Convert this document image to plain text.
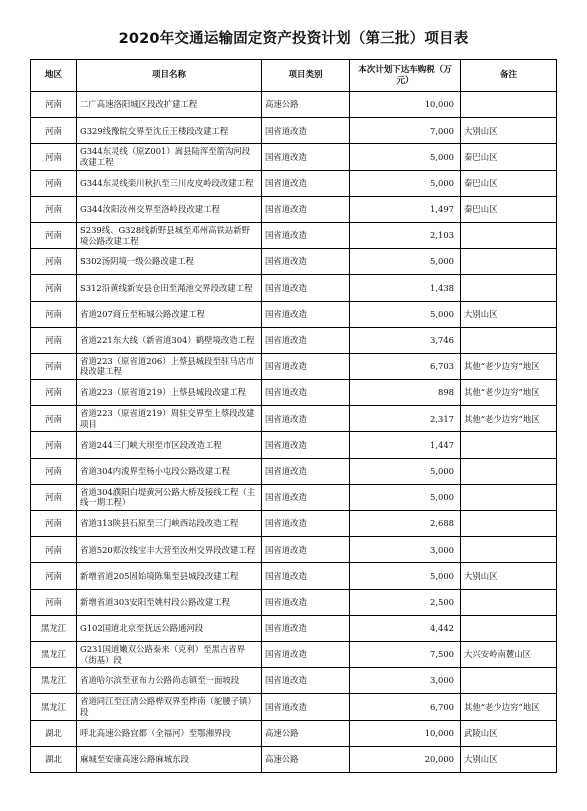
2020年交通运输固定资产投资计划（第三批）项目表
地区	项目名称	项目类别	本次计划下达车购税（万元）	备注
河南	二广高速洛阳城区段改扩建工程	高速公路	10,000	
河南	G329线豫皖交界至沈丘王楼段改建工程	国省道改造	7,000	大别山区
河南	G344东灵线（原Z001）嵩县陆浑至箭沟河段改建工程	国省道改造	5,000	秦巴山区
河南	G344东灵线栾川秋扒至三川皮皮岭段改建工程	国省道改造	5,000	秦巴山区
河南	G344汝阳汝州交界至洛岭段改建工程	国省道改造	1,497	秦巴山区
河南	S239线、G328线新野县城至邓州高铁站新野境公路改建工程	国省道改造	2,103	
河南	S302汤阴境一级公路改建工程	国省道改造	5,000	
河南	S312沿黄线新安县仓田至渑池交界段改建工程	国省道改造	1,438	
河南	省道207商丘至柘城公路改建工程	国省道改造	5,000	大别山区
河南	省道221东大线（新省道304）鹤壁境改造工程	国省道改造	3,746	
河南	省道223（原省道206）上蔡县城段至驻马店市段改建工程	国省道改造	6,703	其他“老少边穷”地区
河南	省道223（原省道219）上蔡县城段改建工程	国省道改造	898	其他“老少边穷”地区
河南	省道223（原省道219）周驻交界至上蔡段改建项目	国省道改造	2,317	其他“老少边穷”地区
河南	省道244三门峡大坝至市区段改造工程	国省道改造	1,447	
河南	省道304内浚界至杨小屯段公路改建工程	国省道改造	5,000	
河南	省道304濮阳白堤黄河公路大桥及接线工程（主线一期工程）	国省道改造	5,000	
河南	省道313陕县石原至三门峡西站段改造工程	国省道改造	2,688	
河南	省道520郏汝线宝丰大营至汝州交界段改建工程	国省道改造	3,000	
河南	新增省道205固始境陈集至县城段改建工程	国省道改造	5,000	大别山区
河南	新增省道303安阳至姚村段公路改建工程	国省道改造	2,500	
黑龙江	G102国道北京至抚远公路通河段	国省道改造	4,442	
黑龙江	G231国道嫩双公路泰来（克利）至黑吉省界（街基）段	国省道改造	7,500	大兴安岭南麓山区
黑龙江	省道哈尔滨至亚布力公路尚志镇至一面坡段	国省道改造	3,000	
黑龙江	省道同江至汪清公路桦双界至桦南（鸵腰子镇）段	国省道改造	6,700	其他“老少边穷”地区
湖北	呼北高速公路宜都（全福河）至鄂湘界段	高速公路	10,000	武陵山区
湖北	麻城至安康高速公路麻城东段	高速公路	20,000	大别山区
